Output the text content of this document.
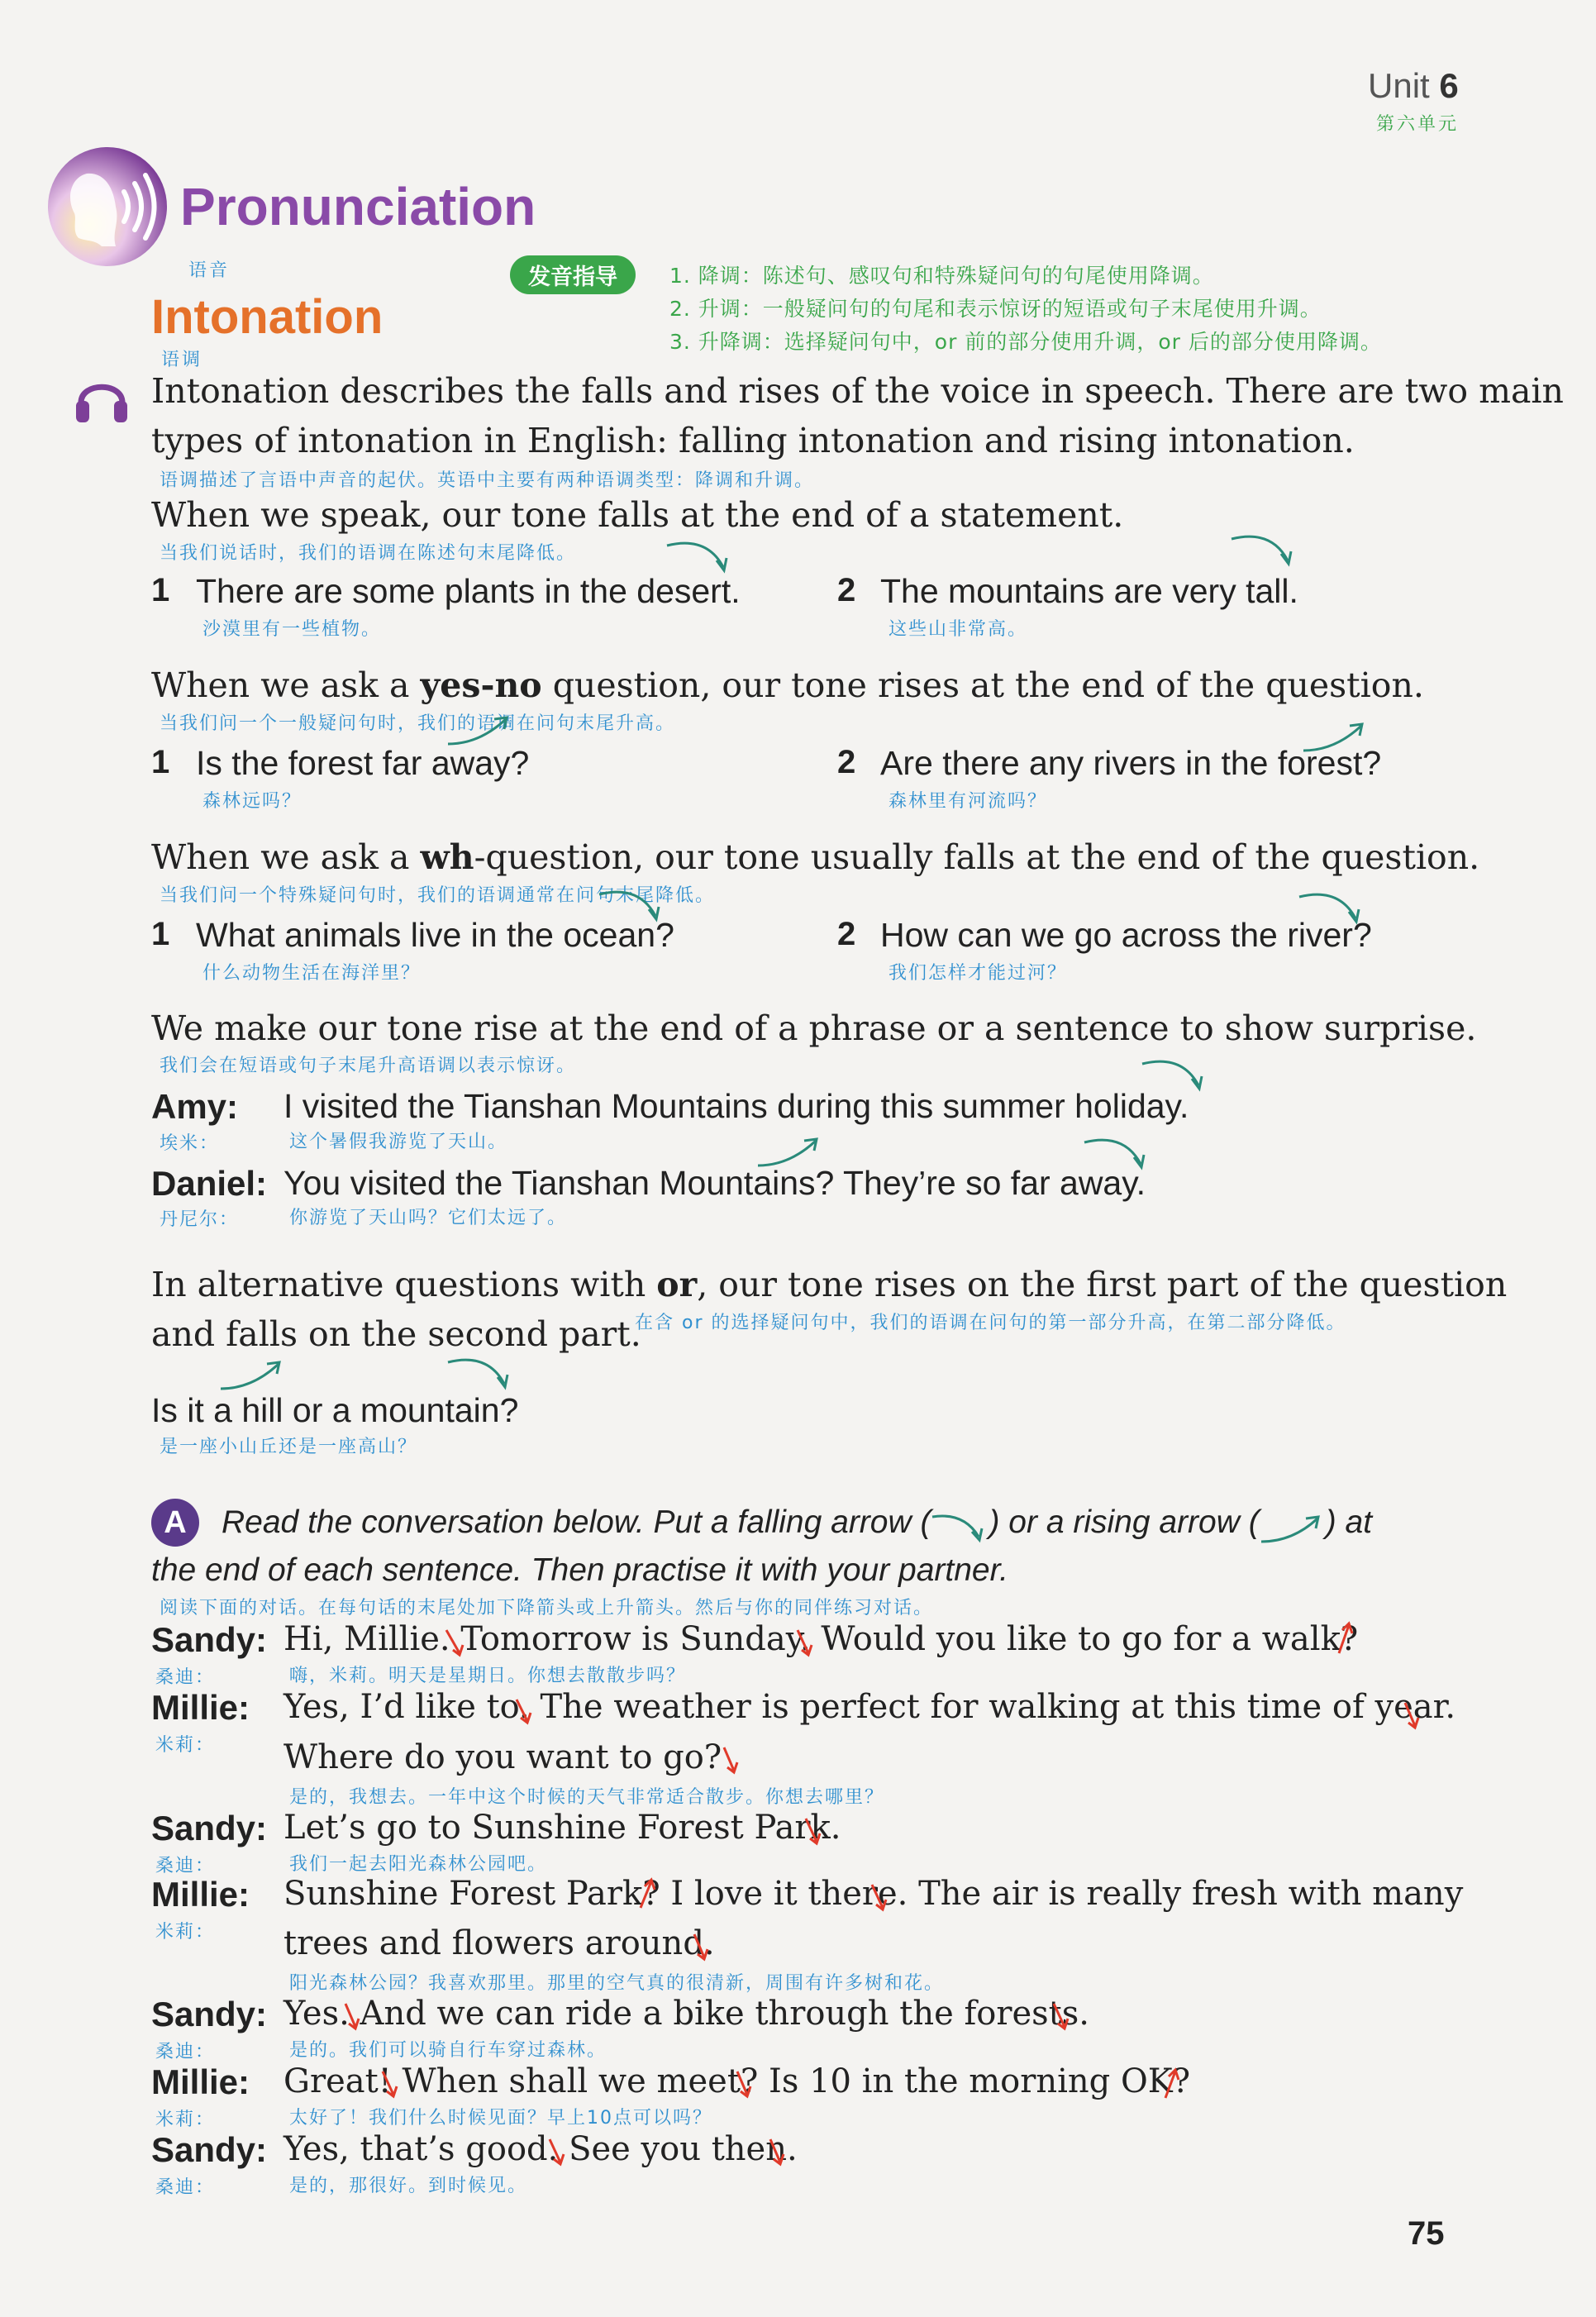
Unit 6
第六单元
Pronunciation
语音
Intonation
语调
发音指导	1. 降调：陈述句、感叹句和特殊疑问句的句尾使用降调。
2. 升调：一般疑问句的句尾和表示惊讶的短语或句子末尾使用升调。
3. 升降调：选择疑问句中，or 前的部分使用升调，or 后的部分使用降调。
Intonation describes the falls and rises of the voice in speech. There are two main
types of intonation in English: falling intonation and rising intonation.
语调描述了言语中声音的起伏。英语中主要有两种语调类型：降调和升调。
When we speak, our tone falls at the end of a statement.
当我们说话时，我们的语调在陈述句末尾降低。
1 There are some plants in the desert.
沙漠里有一些植物。
2 The mountains are very tall.
这些山非常高。
When we ask a yes-no question, our tone rises at the end of the question.
当我们问一个一般疑问句时，我们的语调在问句末尾升高。
1 Is the forest far away?
森林远吗？
2 Are there any rivers in the forest?
森林里有河流吗？
When we ask a wh-question, our tone usually falls at the end of the question.
当我们问一个特殊疑问句时，我们的语调通常在问句末尾降低。
1 What animals live in the ocean?
什么动物生活在海洋里？
2 How can we go across the river?
我们怎样才能过河？
We make our tone rise at the end of a phrase or a sentence to show surprise.
我们会在短语或句子末尾升高语调以表示惊讶。
Amy: I visited the Tianshan Mountains during this summer holiday.
埃米：	这个暑假我游览了天山。
Daniel: You visited the Tianshan Mountains? They’re so far away.
丹尼尔：	你游览了天山吗？它们太远了。
In alternative questions with or, our tone rises on the first part of the question
and falls on the second part.
在含 or 的选择疑问句中，我们的语调在问句的第一部分升高，在第二部分降低。
Is it a hill or a mountain?
是一座小山丘还是一座高山？
A	Read the conversation below. Put a falling arrow ( ) or a rising arrow ( ) at
the end of each sentence. Then practise it with your partner.
阅读下面的对话。在每句话的末尾处加下降箭头或上升箭头。然后与你的同伴练习对话。
Sandy: Hi, Millie. Tomorrow is Sunday. Would you like to go for a walk?
桑迪：	嗨，米莉。明天是星期日。你想去散散步吗？
Millie: Yes, I’d like to. The weather is perfect for walking at this time of year.
米莉： Where do you want to go?
是的，我想去。一年中这个时候的天气非常适合散步。你想去哪里？
Sandy: Let’s go to Sunshine Forest Park.
桑迪：	我们一起去阳光森林公园吧。
Millie: Sunshine Forest Park? I love it there. The air is really fresh with many
米莉： trees and flowers around.
阳光森林公园？我喜欢那里。那里的空气真的很清新，周围有许多树和花。
Sandy: Yes. And we can ride a bike through the forests.
桑迪：	是的。我们可以骑自行车穿过森林。
Millie: Great! When shall we meet? Is 10 in the morning OK?
米莉：	太好了！我们什么时候见面？早上10点可以吗？
Sandy: Yes, that’s good. See you then.
桑迪：	是的，那很好。到时候见。
75
